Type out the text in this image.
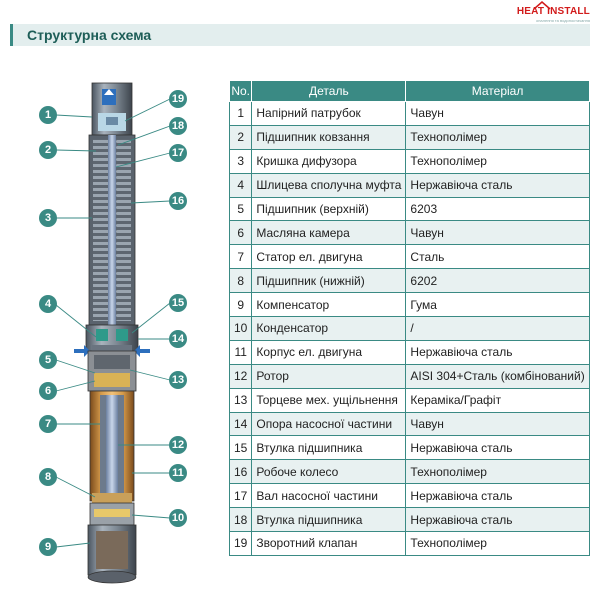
Структурна схема
HEAT INSTALL
опалення та водопостачання
1
2
3
4
5
6
7
8
9
10
11
12
13
14
15
16
17
18
19
No.	Деталь	Матеріал
1	Напірний патрубок	Чавун
2	Підшипник ковзання	Технополімер
3	Кришка дифузора	Технополімер
4	Шлицева сполучна муфта	Нержавіюча сталь
5	Підшипник (верхній)	6203
6	Масляна камера	Чавун
7	Статор ел. двигуна	Сталь
8	Підшипник (нижній)	6202
9	Компенсатор	Гума
10	Конденсатор	/
11	Корпус ел. двигуна	Нержавіюча сталь
12	Ротор	AISI 304+Сталь (комбінований)
13	Торцеве мех. ущільнення	Кераміка/Графіт
14	Опора насосної частини	Чавун
15	Втулка підшипника	Нержавіюча сталь
16	Робоче колесо	Технополімер
17	Вал насосної частини	Нержавіюча сталь
18	Втулка підшипника	Нержавіюча сталь
19	Зворотний клапан	Технополімер
